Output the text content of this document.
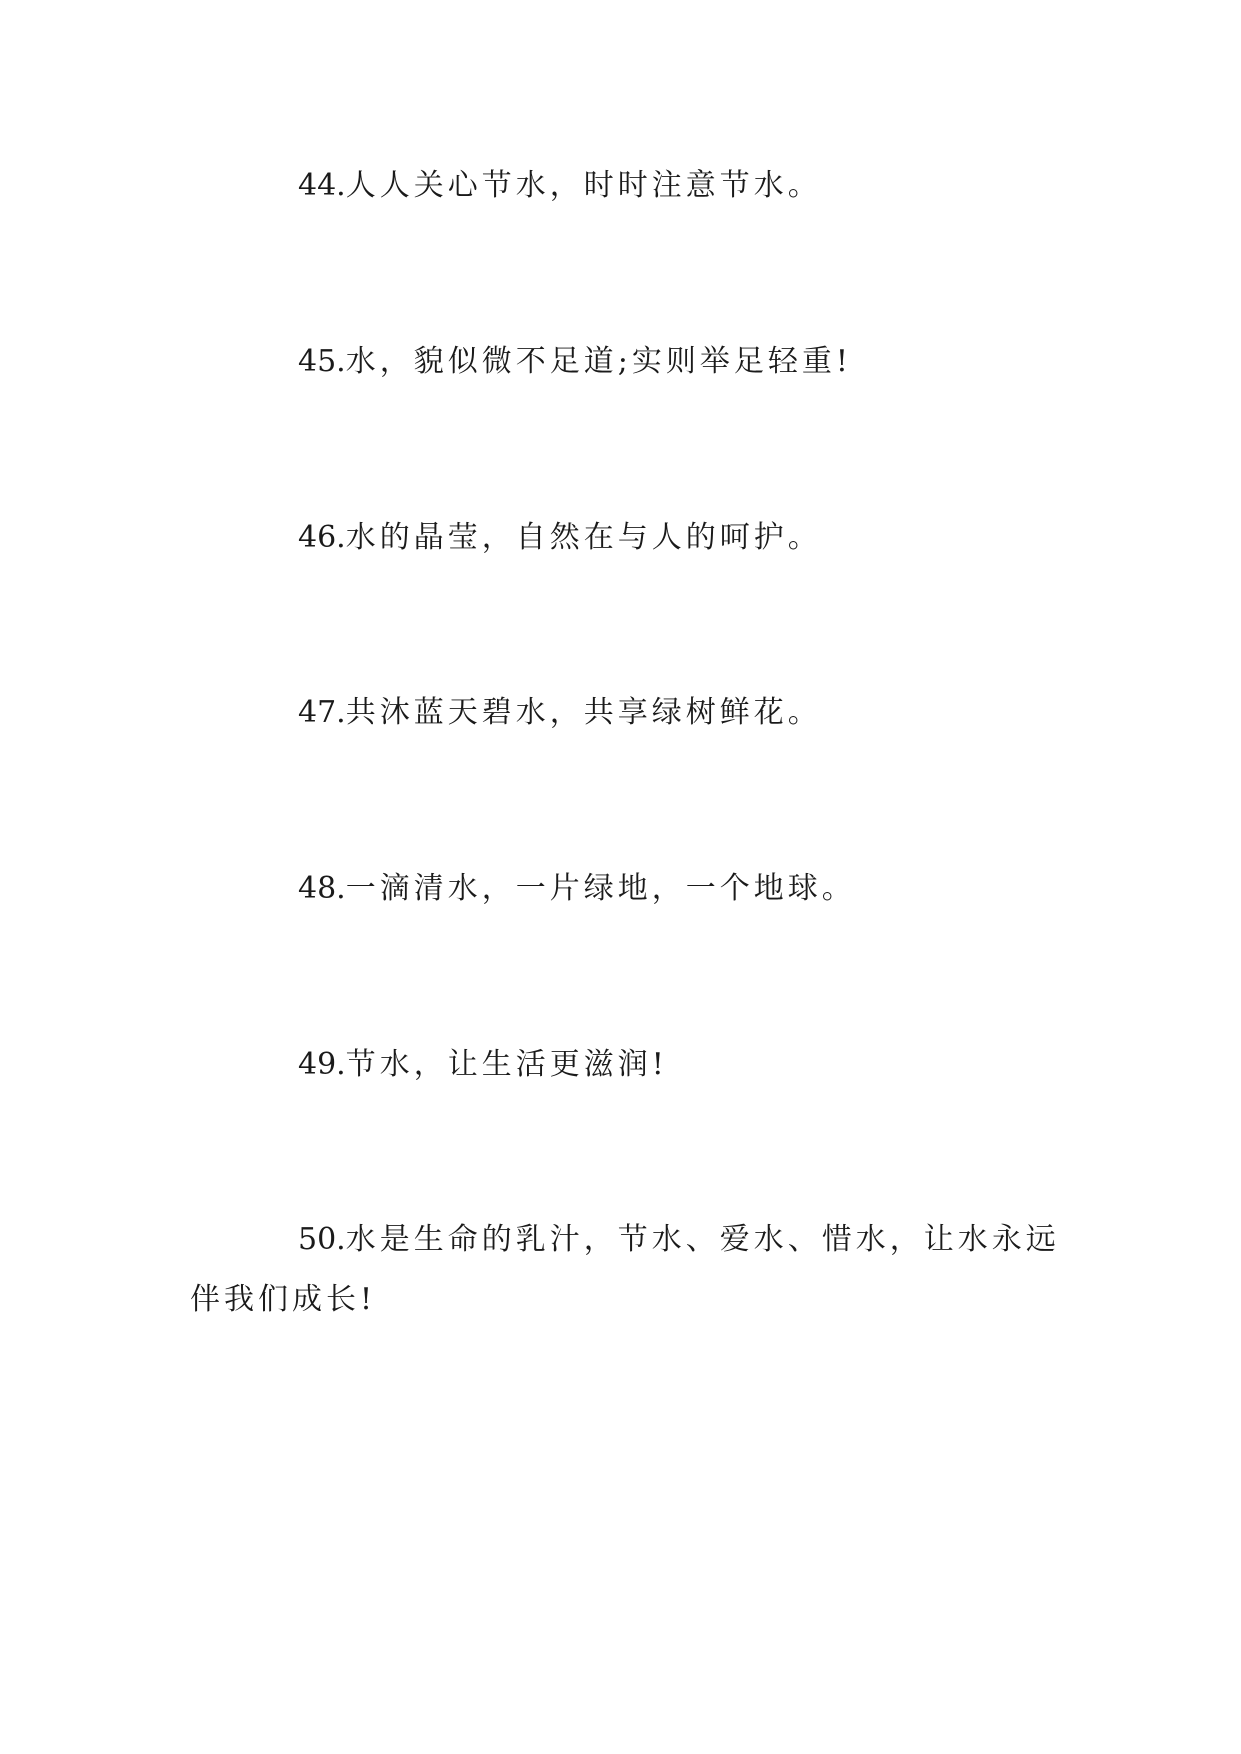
44.人人关心节水，时时注意节水。

45.水，貌似微不足道;实则举足轻重!

46.水的晶莹，自然在与人的呵护。

47.共沐蓝天碧水，共享绿树鲜花。

48.一滴清水，一片绿地，一个地球。

49.节水，让生活更滋润!

50.水是生命的乳汁，节水、爱水、惜水，让水永远伴我们成长!
